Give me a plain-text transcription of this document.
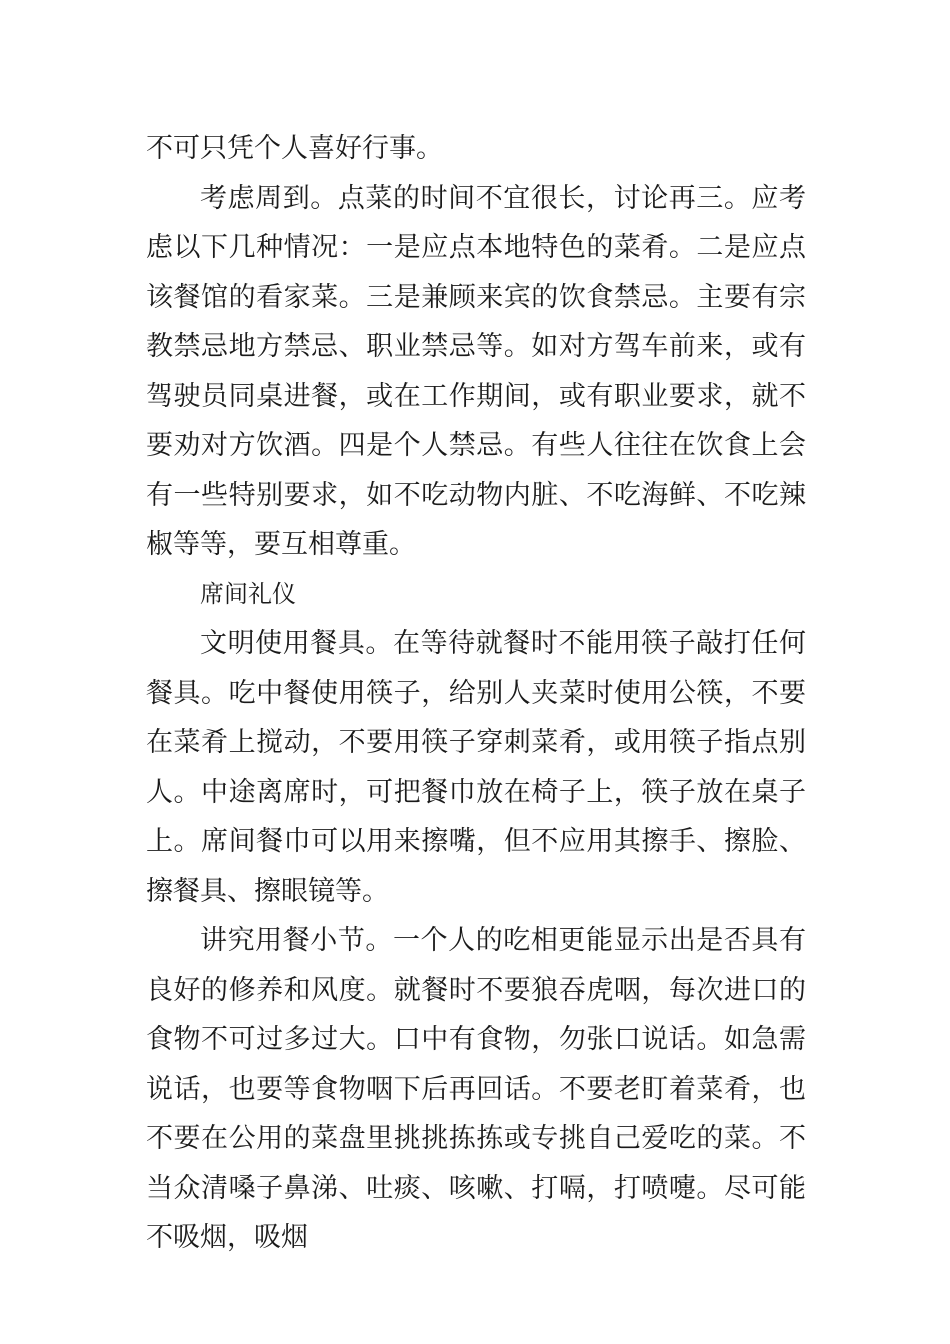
不可只凭个人喜好行事。

考虑周到。点菜的时间不宜很长，讨论再三。应考虑以下几种情况：一是应点本地特色的菜肴。二是应点该餐馆的看家菜。三是兼顾来宾的饮食禁忌。主要有宗教禁忌地方禁忌、职业禁忌等。如对方驾车前来，或有驾驶员同桌进餐，或在工作期间，或有职业要求，就不要劝对方饮酒。四是个人禁忌。有些人往往在饮食上会有一些特别要求，如不吃动物内脏、不吃海鲜、不吃辣椒等等，要互相尊重。

席间礼仪

文明使用餐具。在等待就餐时不能用筷子敲打任何餐具。吃中餐使用筷子，给别人夹菜时使用公筷，不要在菜肴上搅动，不要用筷子穿刺菜肴，或用筷子指点别人。中途离席时，可把餐巾放在椅子上，筷子放在桌子上。席间餐巾可以用来擦嘴，但不应用其擦手、擦脸、擦餐具、擦眼镜等。

讲究用餐小节。一个人的吃相更能显示出是否具有良好的修养和风度。就餐时不要狼吞虎咽，每次进口的食物不可过多过大。口中有食物，勿张口说话。如急需说话，也要等食物咽下后再回话。不要老盯着菜肴，也不要在公用的菜盘里挑挑拣拣或专挑自己爱吃的菜。不当众清嗓子鼻涕、吐痰、咳嗽、打嗝，打喷嚏。尽可能不吸烟，吸烟
